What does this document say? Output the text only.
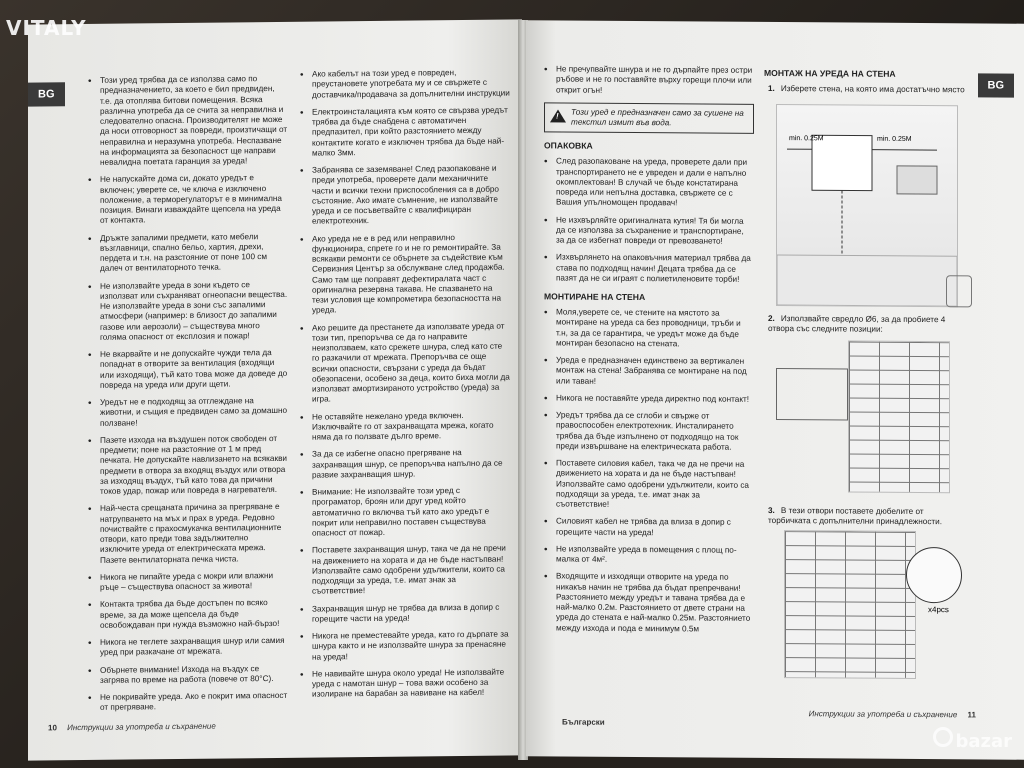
BG

• Този уред трябва да се използва само по предназначението, за което е бил предвиден, т.е. да отоплява битови помещения. Всяка различна употреба да се счита за неправилна и следователно опасна. Производителят не може да носи отговорност за повреди, произтичащи от неправилна и неразумна употреба. Неспазване на информацията за безопасност ще направи невалидна поетата гаранция за уреда!

• Не напускайте дома си, докато уредът е включен; уверете се, че ключа е изключено положение, а терморегулаторът е в минимална позиция. Винаги изваждайте щепсела на уреда от контакта.

• Дръжте запалими предмети, като мебели възглавници, спално бельо, хартия, дрехи, пердета и т.н. на разстояние от поне 100 см далеч от вентилаторното течка.

• Не използвайте уреда в зони където се използват или съхраняват огнеопасни вещества. Не използвайте уреда в зони със запалими атмосфери (например: в близост до запалими газове или аерозоли) – съществува много голяма опасност от експлозия и пожар!

• Не вкарвайте и не допускайте чужди тела да попаднат в отворите за вентилация (входящи или изходящи), тъй като това може да доведе до повреда на уреда или други щети.

• Уредът не е подходящ за отглеждане на животни, и същия е предвиден само за домашно ползване!

• Пазете изхода на въздушен поток свободен от предмети; поне на разстояние от 1 м пред печката. Не допускайте навлизането на всякакви предмети в отвора за входящ въздух или отвора за изходящ въздух, тъй като това да причини токов удар, пожар или повреда в нагревателя.

• Най-честа срещаната причина за прегряване е натрупването на мъх и прах в уреда. Редовно почиствайте с прахосмукачка вентилационните отвори, като преди това задължително изключите уреда от електрическата мрежа. Пазете вентилаторната печка чиста.

• Никога не пипайте уреда с мокри или влажни ръце – съществува опасност за живота!

• Контакта трябва да бъде достъпен по всяко време, за да може щепсела да бъде освобождаван при нужда възможно най-бързо!

• Никога не теглете захранващия шнур или самия уред при разкачане от мрежата.

• Обърнете внимание! Изхода на въздух се загрява по време на работа (повече от 80°C).

• Не покривайте уреда. Ако е покрит има опасност от прегряване.

• Ако кабелът на този уред е повреден, преустановете употребата му и се свържете с доставчика/продавача за допълнителни инструкции

• Електроинсталацията към която се свързва уредът трябва да бъде снабдена с автоматичен предпазител, при който разстоянието между контактите когато е изключен трябва да бъде най-малко 3мм.

• Забранява се заземяване! След разопаковане и преди употреба, проверете дали механичните части и всички техни приспособления са в добро състояние. Ако имате съмнение, не използвайте уреда и се посъветвайте с квалифициран електротехник.

• Ако уреда не е в ред или неправилно функционира, спрете го и не го ремонтирайте. За всякакви ремонти се обърнете за съдействие към Сервизния Център за обслужване след продажба. Само там ще поправят дефектиралата част с оригинална резервна такава. Не спазването на тези условия ще компрометира безопасността на уреда.

• Ако решите да престанете да използвате уреда от този тип, препоръчва се да го направите неизползваем, като срежете шнура, след като сте го разкачили от мрежата. Препоръчва се още всички опасности, свързани с уреда да бъдат обезопасени, особено за деца, които биха могли да използват амортизираното устройство (уреда) за игра.

• Не оставяйте нежелано уреда включен. Изключвайте го от захранващата мрежа, когато няма да го ползвате дълго време.

• За да се избегне опасно прегряване на захранващия шнур, се препоръчва напълно да се развие захранващия шнур.

• Внимание: Не използвайте този уред с програматор, броян или друг уред който автоматично го включва тъй като ако уредът е покрит или неправилно поставен съществува опасност от пожар.

• Поставете захранващия шнур, така че да не пречи на движението на хората и да не бъде настъпван! Използвайте само одобрени удължители, които са подходящи за уреда, т.е. имат знак за съответствие!

• Захранващия шнур не трябва да влиза в допир с горещите части на уреда!

• Никога не преместевайте уреда, като го дърпате за шнура както и не използвайте шнура за пренасяне на уреда!

• Не навивайте шнура около уреда! Не използвайте уреда с намотан шнур – това важи особено за изолиране на барабан за навиване на кабел!

10 Инструкции за употреба и съхранение
BG

• Не пречупвайте шнура и не го дърпайте през остри ръбове и не го поставяйте върху горещи плочи или открит огън!

!
Този уред е предназначен само за сушене на текстил измит във вода.
ОПАКОВКА

• След разопаковане на уреда, проверете дали при транспортирането не е увреден и дали е напълно окомплектован! В случай че бъде констатирана повреда или непълна доставка, свържете се с Вашия упълномощен продавач!

• Не изхвърляйте оригиналната кутия! Тя би могла да се използва за съхранение и транспортиране, за да се избегнат повреди от превозването!

• Изхвърлянето на опаковъчния материал трябва да става по подходящ начин! Децата трябва да се пазят да не си играят с полиетиленовите торби!

МОНТИРАНЕ НА СТЕНА

• Моля,уверете се, че стените на мястото за монтиране на уреда са без проводници, тръби и т.н, за да се гарантира, че уредът може да бъде монтиран безопасно на стената.

• Уреда е предназначен единствено за вертикален монтаж на стена! Забранява се монтиране на под или таван!

• Никога не поставяйте уреда директно под контакт!

• Уредът трябва да се сглоби и свърже от правоспособен електротехник. Инсталирането трябва да бъде изпълнено от подходящо на ток преди извършване на електрическата работа.

• Поставете силовия кабел, така че да не пречи на движението на хората и да не бъде настъпван! Използвайте само одобрени удължители, които са подходящи за уреда, т.е. имат знак за съответствие!

• Силовият кабел не трябва да влиза в допир с горещите части на уреда!

• Не използвайте уреда в помещения с площ по-малка от 4м².

• Входящите и изходящи отворите на уреда по никакъв начин не трябва да бъдат препречвани! Разстоянието между уредът и тавана трябва да е най-малко 0.2м. Разстоянието от двете страни на уреда до стената е най-малко 0.25м. Разстоянието между изхода и пода е минимум 0.5м

МОНТАЖ НА УРЕДА НА СТЕНА
1. Изберете стена, на която има достатъчно място
min. 0.25M	min. 0.25M
2. Използвайте свредло Ø6, за да пробиете 4 отвора със следните позиции:
3. В тези отвори поставете дюбелите от торбичката с допълнителни принадлежности.
x4pcs
Български
Инструкции за употреба и съхранение 11
VITALY
bazar
